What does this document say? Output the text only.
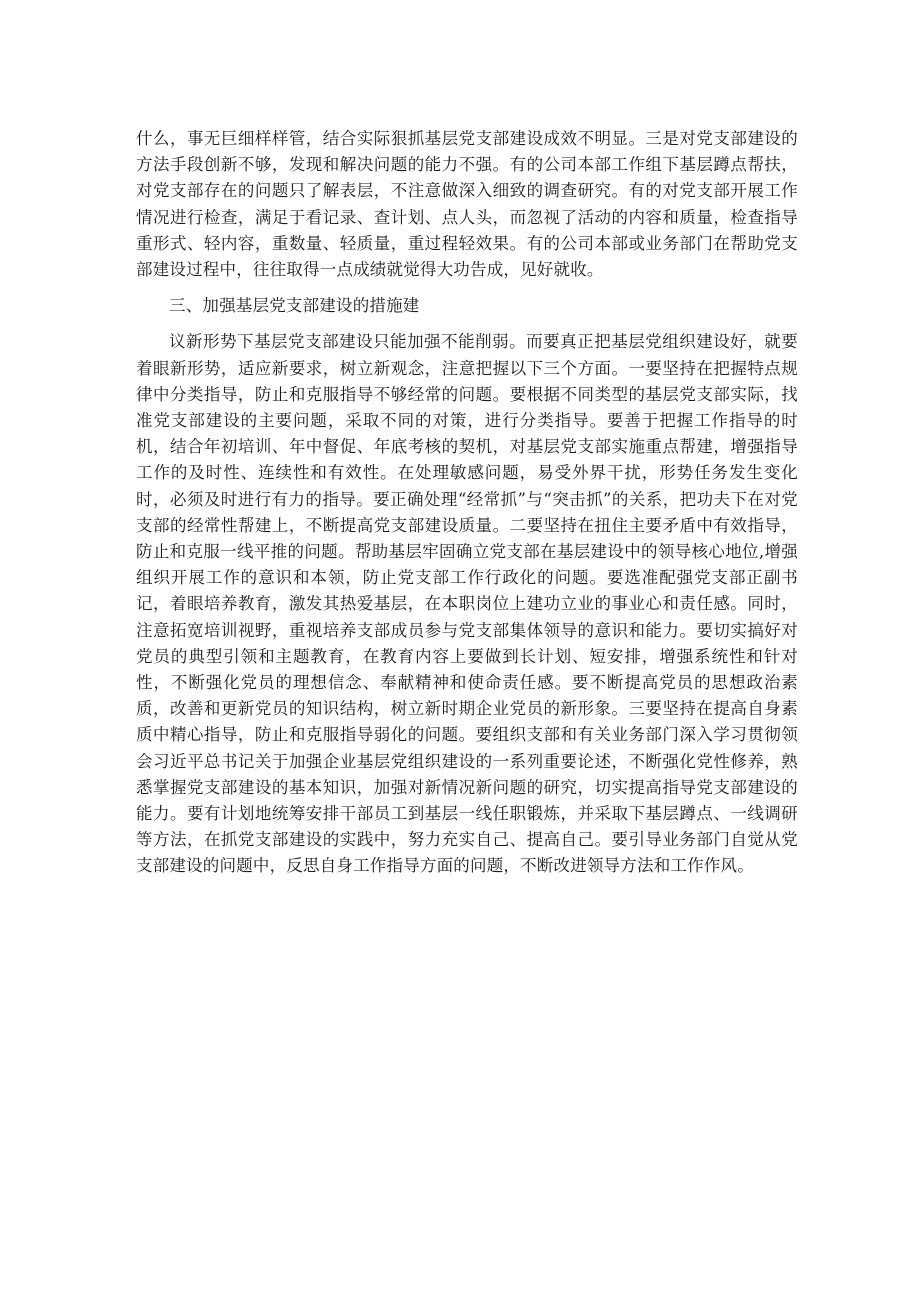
什么，事无巨细样样管，结合实际狠抓基层党支部建设成效不明显。三是对党支部建设的方法手段创新不够，发现和解决问题的能力不强。有的公司本部工作组下基层蹲点帮扶，对党支部存在的问题只了解表层，不注意做深入细致的调查研究。有的对党支部开展工作情况进行检查，满足于看记录、查计划、点人头，而忽视了活动的内容和质量，检查指导重形式、轻内容，重数量、轻质量，重过程轻效果。有的公司本部或业务部门在帮助党支部建设过程中，往往取得一点成绩就觉得大功告成，见好就收。

三、加强基层党支部建设的措施建

议新形势下基层党支部建设只能加强不能削弱。而要真正把基层党组织建设好，就要着眼新形势，适应新要求，树立新观念，注意把握以下三个方面。一要坚持在把握特点规律中分类指导，防止和克服指导不够经常的问题。要根据不同类型的基层党支部实际，找准党支部建设的主要问题，采取不同的对策，进行分类指导。要善于把握工作指导的时机，结合年初培训、年中督促、年底考核的契机，对基层党支部实施重点帮建，增强指导工作的及时性、连续性和有效性。在处理敏感问题，易受外界干扰，形势任务发生变化时，必须及时进行有力的指导。要正确处理“经常抓”与“突击抓”的关系，把功夫下在对党支部的经常性帮建上，不断提高党支部建设质量。二要坚持在扭住主要矛盾中有效指导，防止和克服一线平推的问题。帮助基层牢固确立党支部在基层建设中的领导核心地位,增强组织开展工作的意识和本领，防止党支部工作行政化的问题。要选准配强党支部正副书记，着眼培养教育，激发其热爱基层，在本职岗位上建功立业的事业心和责任感。同时，注意拓宽培训视野，重视培养支部成员参与党支部集体领导的意识和能力。要切实搞好对党员的典型引领和主题教育，在教育内容上要做到长计划、短安排，增强系统性和针对性，不断强化党员的理想信念、奉献精神和使命责任感。要不断提高党员的思想政治素质，改善和更新党员的知识结构，树立新时期企业党员的新形象。三要坚持在提高自身素质中精心指导，防止和克服指导弱化的问题。要组织支部和有关业务部门深入学习贯彻领会习近平总书记关于加强企业基层党组织建设的一系列重要论述，不断强化党性修养，熟悉掌握党支部建设的基本知识，加强对新情况新问题的研究，切实提高指导党支部建设的能力。要有计划地统筹安排干部员工到基层一线任职锻炼，并采取下基层蹲点、一线调研等方法，在抓党支部建设的实践中，努力充实自己、提高自己。要引导业务部门自觉从党支部建设的问题中，反思自身工作指导方面的问题，不断改进领导方法和工作作风。
